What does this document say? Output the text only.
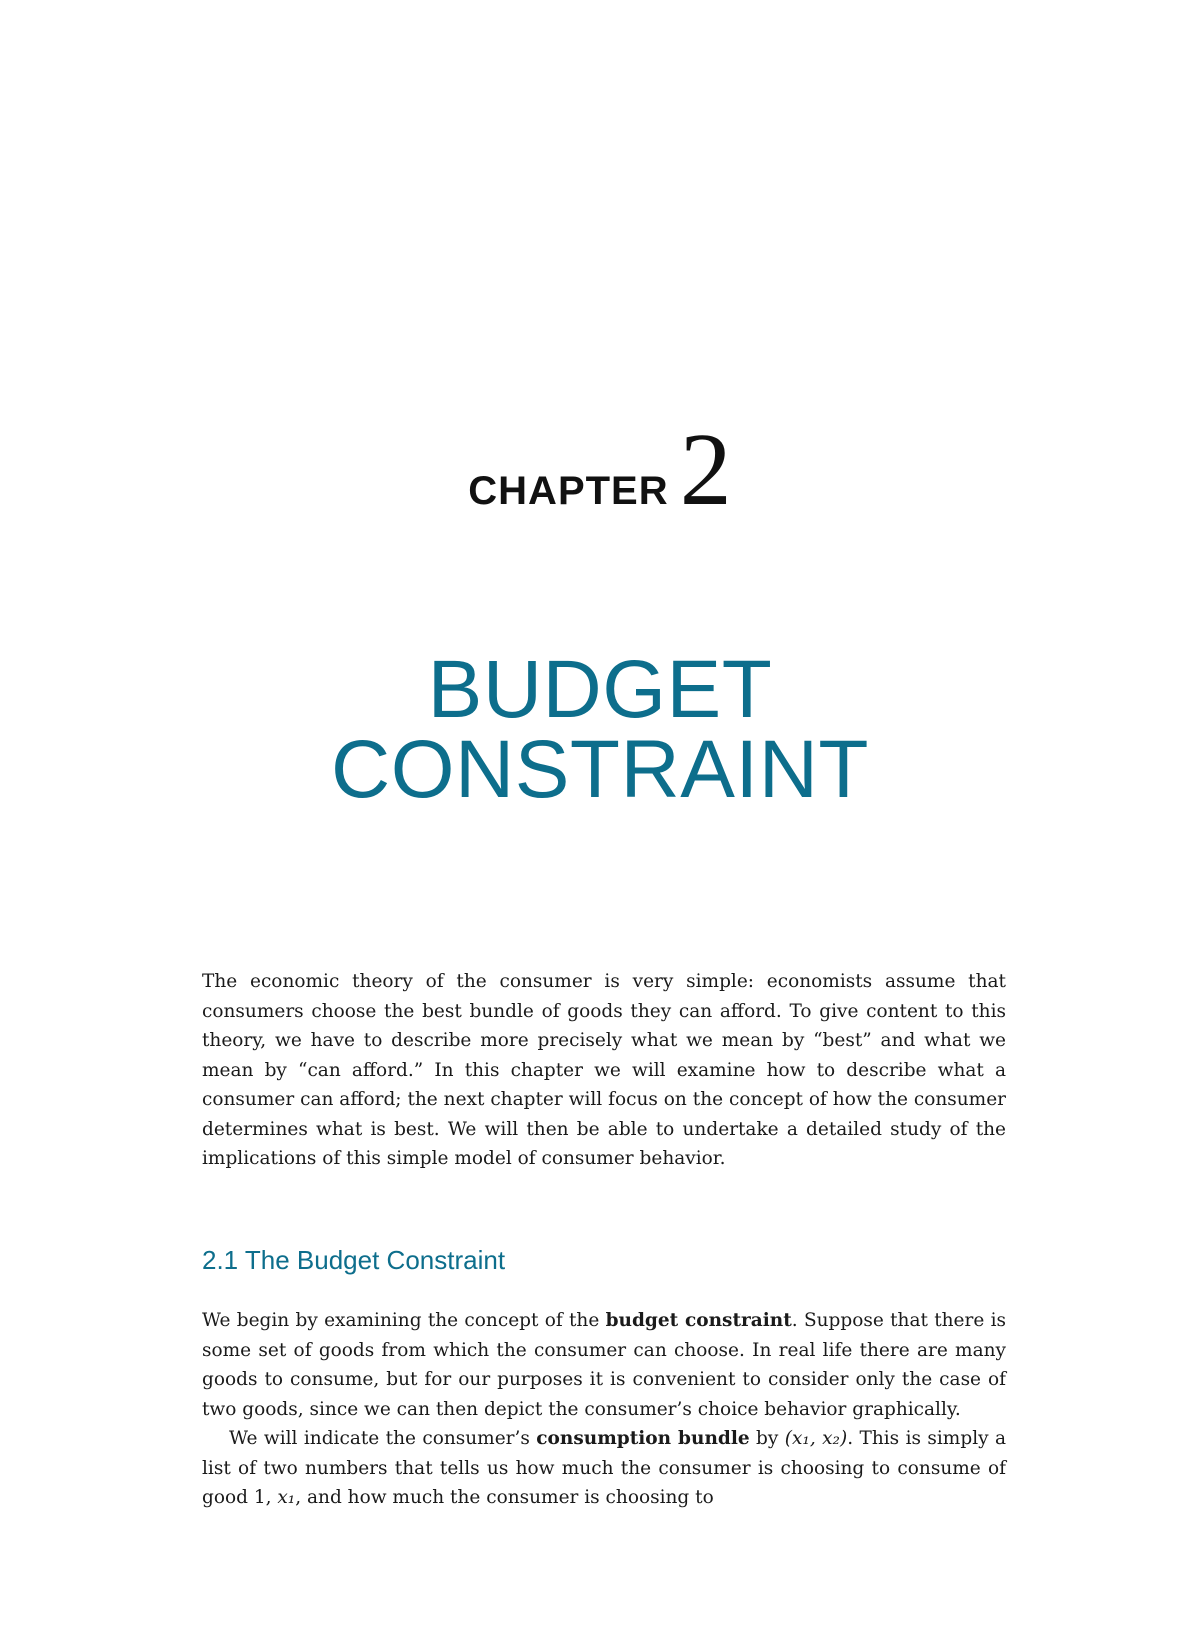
CHAPTER 2
BUDGET
CONSTRAINT
The economic theory of the consumer is very simple: economists assume that consumers choose the best bundle of goods they can afford. To give content to this theory, we have to describe more precisely what we mean by “best” and what we mean by “can afford.” In this chapter we will examine how to describe what a consumer can afford; the next chapter will focus on the concept of how the consumer determines what is best. We will then be able to undertake a detailed study of the implications of this simple model of consumer behavior.
2.1 The Budget Constraint

We begin by examining the concept of the budget constraint. Suppose that there is some set of goods from which the consumer can choose. In real life there are many goods to consume, but for our purposes it is convenient to consider only the case of two goods, since we can then depict the consumer’s choice behavior graphically.

We will indicate the consumer’s consumption bundle by (x₁, x₂). This is simply a list of two numbers that tells us how much the consumer is choosing to consume of good 1, x₁, and how much the consumer is choosing to
